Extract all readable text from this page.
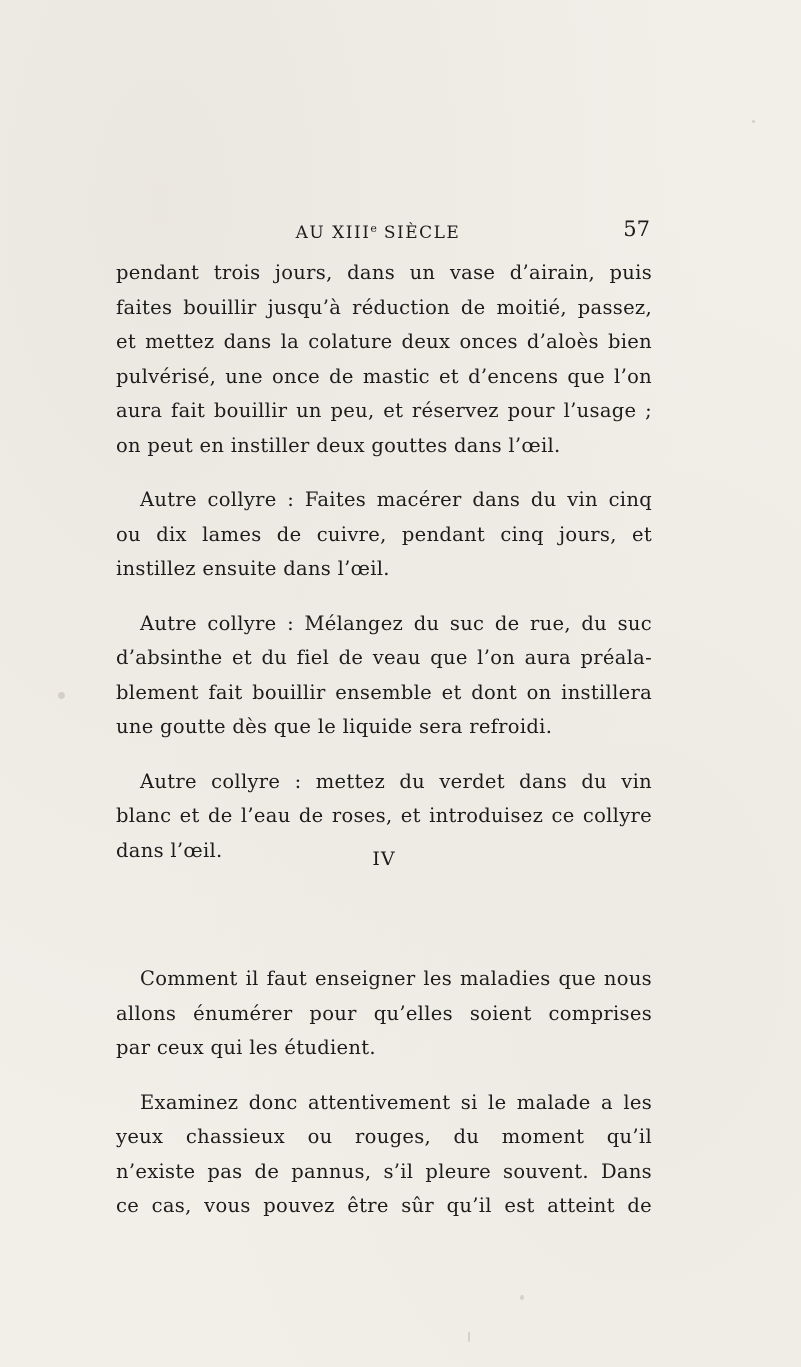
AU XIIIe SIÈCLE	57

pendant trois jours, dans un vase d’airain, puis
faites bouillir jusqu’à réduction de moitié, passez,
et mettez dans la colature deux onces d’aloès bien
pulvérisé, une once de mastic et d’encens que l’on
aura fait bouillir un peu, et réservez pour l’usage ;
on peut en instiller deux gouttes dans l’œil.

Autre collyre : Faites macérer dans du vin cinq
ou dix lames de cuivre, pendant cinq jours, et
instillez ensuite dans l’œil.

Autre collyre : Mélangez du suc de rue, du suc
d’absinthe et du fiel de veau que l’on aura préala-
blement fait bouillir ensemble et dont on instillera
une goutte dès que le liquide sera refroidi.

Autre collyre : mettez du verdet dans du vin
blanc et de l’eau de roses, et introduisez ce collyre
dans l’œil.	IV

Comment il faut enseigner les maladies que nous
allons énumérer pour qu’elles soient comprises
par ceux qui les étudient.

Examinez donc attentivement si le malade a les
yeux chassieux ou rouges, du moment qu’il
n’existe pas de pannus, s’il pleure souvent. Dans
ce cas, vous pouvez être sûr qu’il est atteint de
